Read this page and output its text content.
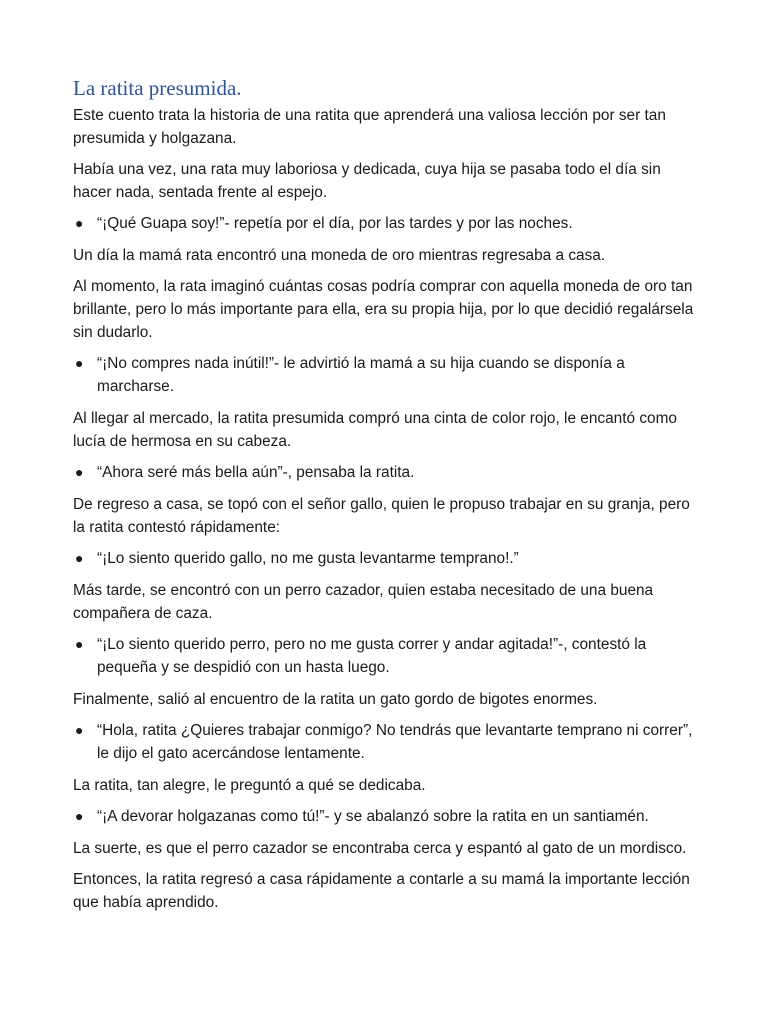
La ratita presumida.

Este cuento trata la historia de una ratita que aprenderá una valiosa lección por ser tan presumida y holgazana.

Había una vez, una rata muy laboriosa y dedicada, cuya hija se pasaba todo el día sin hacer nada, sentada frente al espejo.

● “¡Qué Guapa soy!”- repetía por el día, por las tardes y por las noches.

Un día la mamá rata encontró una moneda de oro mientras regresaba a casa.

Al momento, la rata imaginó cuántas cosas podría comprar con aquella moneda de oro tan brillante, pero lo más importante para ella, era su propia hija, por lo que decidió regalársela sin dudarlo.

● “¡No compres nada inútil!”- le advirtió la mamá a su hija cuando se disponía a marcharse.

Al llegar al mercado, la ratita presumida compró una cinta de color rojo, le encantó como lucía de hermosa en su cabeza.

● “Ahora seré más bella aún”-, pensaba la ratita.

De regreso a casa, se topó con el señor gallo, quien le propuso trabajar en su granja, pero la ratita contestó rápidamente:

● “¡Lo siento querido gallo, no me gusta levantarme temprano!.”

Más tarde, se encontró con un perro cazador, quien estaba necesitado de una buena compañera de caza.

● “¡Lo siento querido perro, pero no me gusta correr y andar agitada!”-, contestó la pequeña y se despidió con un hasta luego.

Finalmente, salió al encuentro de la ratita un gato gordo de bigotes enormes.

● “Hola, ratita ¿Quieres trabajar conmigo? No tendrás que levantarte temprano ni correr”, le dijo el gato acercándose lentamente.

La ratita, tan alegre, le preguntó a qué se dedicaba.

● “¡A devorar holgazanas como tú!”- y se abalanzó sobre la ratita en un santiamén.

La suerte, es que el perro cazador se encontraba cerca y espantó al gato de un mordisco.

Entonces, la ratita regresó a casa rápidamente a contarle a su mamá la importante lección que había aprendido.
